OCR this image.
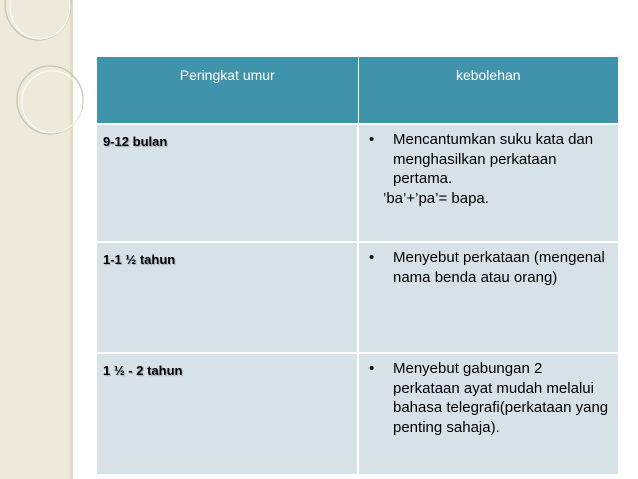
Peringkat umur	kebolehan
9-12 bulan	• Mencantumkan suku kata dan menghasilkan perkataan pertama.
’ba’+’pa’= bapa.

1-1 ½ tahun	• Menyebut perkataan (mengenal nama benda atau orang)

1 ½ - 2 tahun	• Menyebut gabungan 2 perkataan ayat mudah melalui bahasa telegrafi(perkataan yang penting sahaja).
